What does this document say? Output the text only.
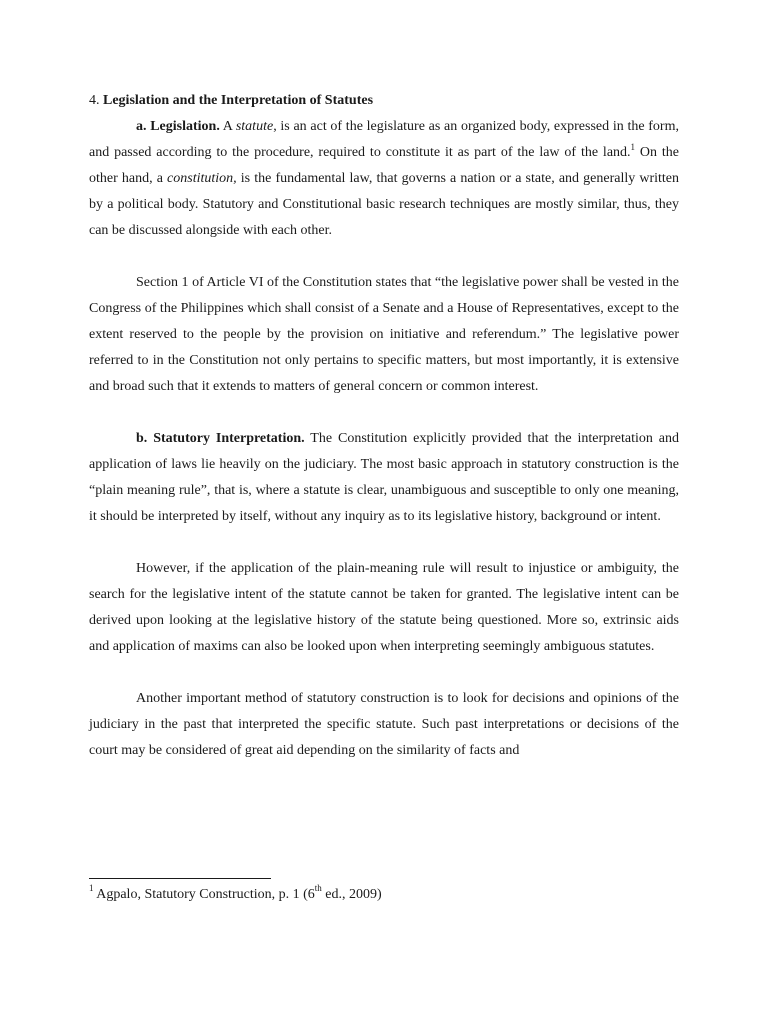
4. Legislation and the Interpretation of Statutes

a. Legislation. A statute, is an act of the legislature as an organized body, expressed in the form, and passed according to the procedure, required to constitute it as part of the law of the land.$^1$ On the other hand, a constitution, is the fundamental law, that governs a nation or a state, and generally written by a political body. Statutory and Constitutional basic research techniques are mostly similar, thus, they can be discussed alongside with each other.

Section 1 of Article VI of the Constitution states that “the legislative power shall be vested in the Congress of the Philippines which shall consist of a Senate and a House of Representatives, except to the extent reserved to the people by the provision on initiative and referendum.” The legislative power referred to in the Constitution not only pertains to specific matters, but most importantly, it is extensive and broad such that it extends to matters of general concern or common interest.

b. Statutory Interpretation. The Constitution explicitly provided that the interpretation and application of laws lie heavily on the judiciary. The most basic approach in statutory construction is the “plain meaning rule”, that is, where a statute is clear, unambiguous and susceptible to only one meaning, it should be interpreted by itself, without any inquiry as to its legislative history, background or intent.

However, if the application of the plain-meaning rule will result to injustice or ambiguity, the search for the legislative intent of the statute cannot be taken for granted. The legislative intent can be derived upon looking at the legislative history of the statute being questioned. More so, extrinsic aids and application of maxims can also be looked upon when interpreting seemingly ambiguous statutes.

Another important method of statutory construction is to look for decisions and opinions of the judiciary in the past that interpreted the specific statute. Such past interpretations or decisions of the court may be considered of great aid depending on the similarity of facts and

$^1$ Agpalo, Statutory Construction, p. 1 (6th ed., 2009)
